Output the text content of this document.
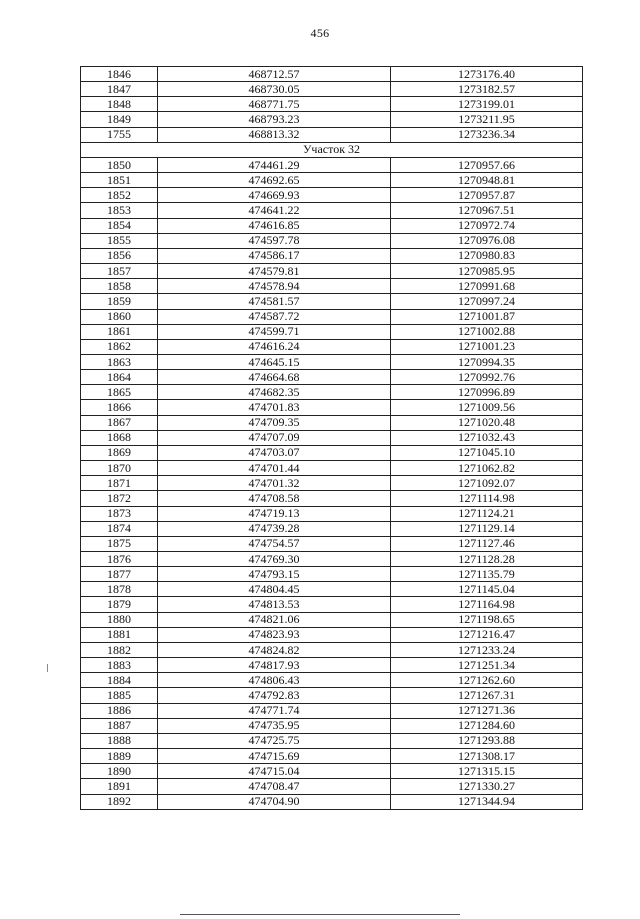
456
1846	468712.57	1273176.40
1847	468730.05	1273182.57
1848	468771.75	1273199.01
1849	468793.23	1273211.95
1755	468813.32	1273236.34
Участок 32		
1850	474461.29	1270957.66
1851	474692.65	1270948.81
1852	474669.93	1270957.87
1853	474641.22	1270967.51
1854	474616.85	1270972.74
1855	474597.78	1270976.08
1856	474586.17	1270980.83
1857	474579.81	1270985.95
1858	474578.94	1270991.68
1859	474581.57	1270997.24
1860	474587.72	1271001.87
1861	474599.71	1271002.88
1862	474616.24	1271001.23
1863	474645.15	1270994.35
1864	474664.68	1270992.76
1865	474682.35	1270996.89
1866	474701.83	1271009.56
1867	474709.35	1271020.48
1868	474707.09	1271032.43
1869	474703.07	1271045.10
1870	474701.44	1271062.82
1871	474701.32	1271092.07
1872	474708.58	1271114.98
1873	474719.13	1271124.21
1874	474739.28	1271129.14
1875	474754.57	1271127.46
1876	474769.30	1271128.28
1877	474793.15	1271135.79
1878	474804.45	1271145.04
1879	474813.53	1271164.98
1880	474821.06	1271198.65
1881	474823.93	1271216.47
1882	474824.82	1271233.24
1883	474817.93	1271251.34
1884	474806.43	1271262.60
1885	474792.83	1271267.31
1886	474771.74	1271271.36
1887	474735.95	1271284.60
1888	474725.75	1271293.88
1889	474715.69	1271308.17
1890	474715.04	1271315.15
1891	474708.47	1271330.27
1892	474704.90	1271344.94
